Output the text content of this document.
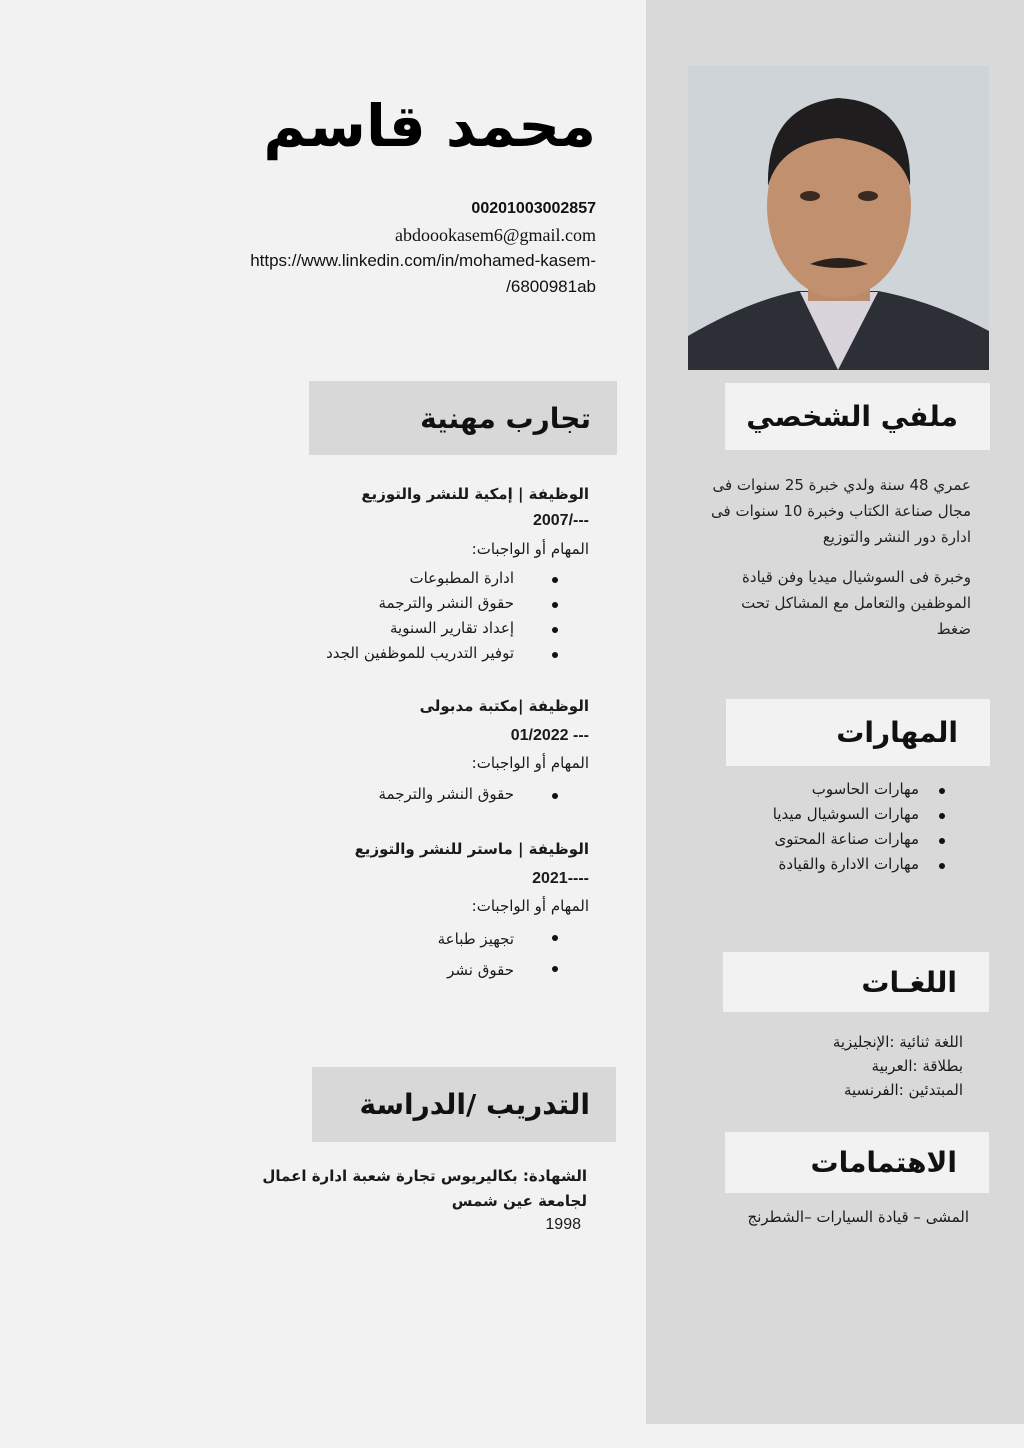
محمد قاسم
00201003002857
abdoookasem6@gmail.com
https://www.linkedin.com/in/mohamed-kasem-
/6800981ab
تجارب مهنية
الوظيفة | إمكية للنشر والتوزيع
2007/---
المهام أو الواجبات:
ادارة المطبوعات
حقوق النشر والترجمة
إعداد تقارير السنوية
توفير التدريب للموظفين الجدد
الوظيفة |مكتبة مدبولى
01/2022 ---
المهام أو الواجبات:
حقوق النشر والترجمة
الوظيفة | ماستر للنشر والتوزيع
2021----
المهام أو الواجبات:
تجهيز طباعة
حقوق نشر
التدريب /الدراسة
الشهادة: بكاليريوس تجارة شعبة ادارة اعمال
لجامعة عين شمس
1998
ملفي الشخصي
عمري 48 سنة ولدي خبرة 25 سنوات فى مجال صناعة الكتاب وخبرة 10 سنوات فى ادارة دور النشر والتوزيع
وخبرة فى السوشيال ميديا وفن قيادة الموظفين والتعامل مع المشاكل تحت ضغط
المهارات
مهارات الحاسوب
مهارات السوشيال ميديا
مهارات صناعة المحتوى
مهارات الادارة والقيادة
اللغـات
اللغة ثنائية :الإنجليزية
بطلاقة :العربية
المبتدئين :الفرنسية
الاهتمامات
المشى – قيادة السيارات –الشطرنج
